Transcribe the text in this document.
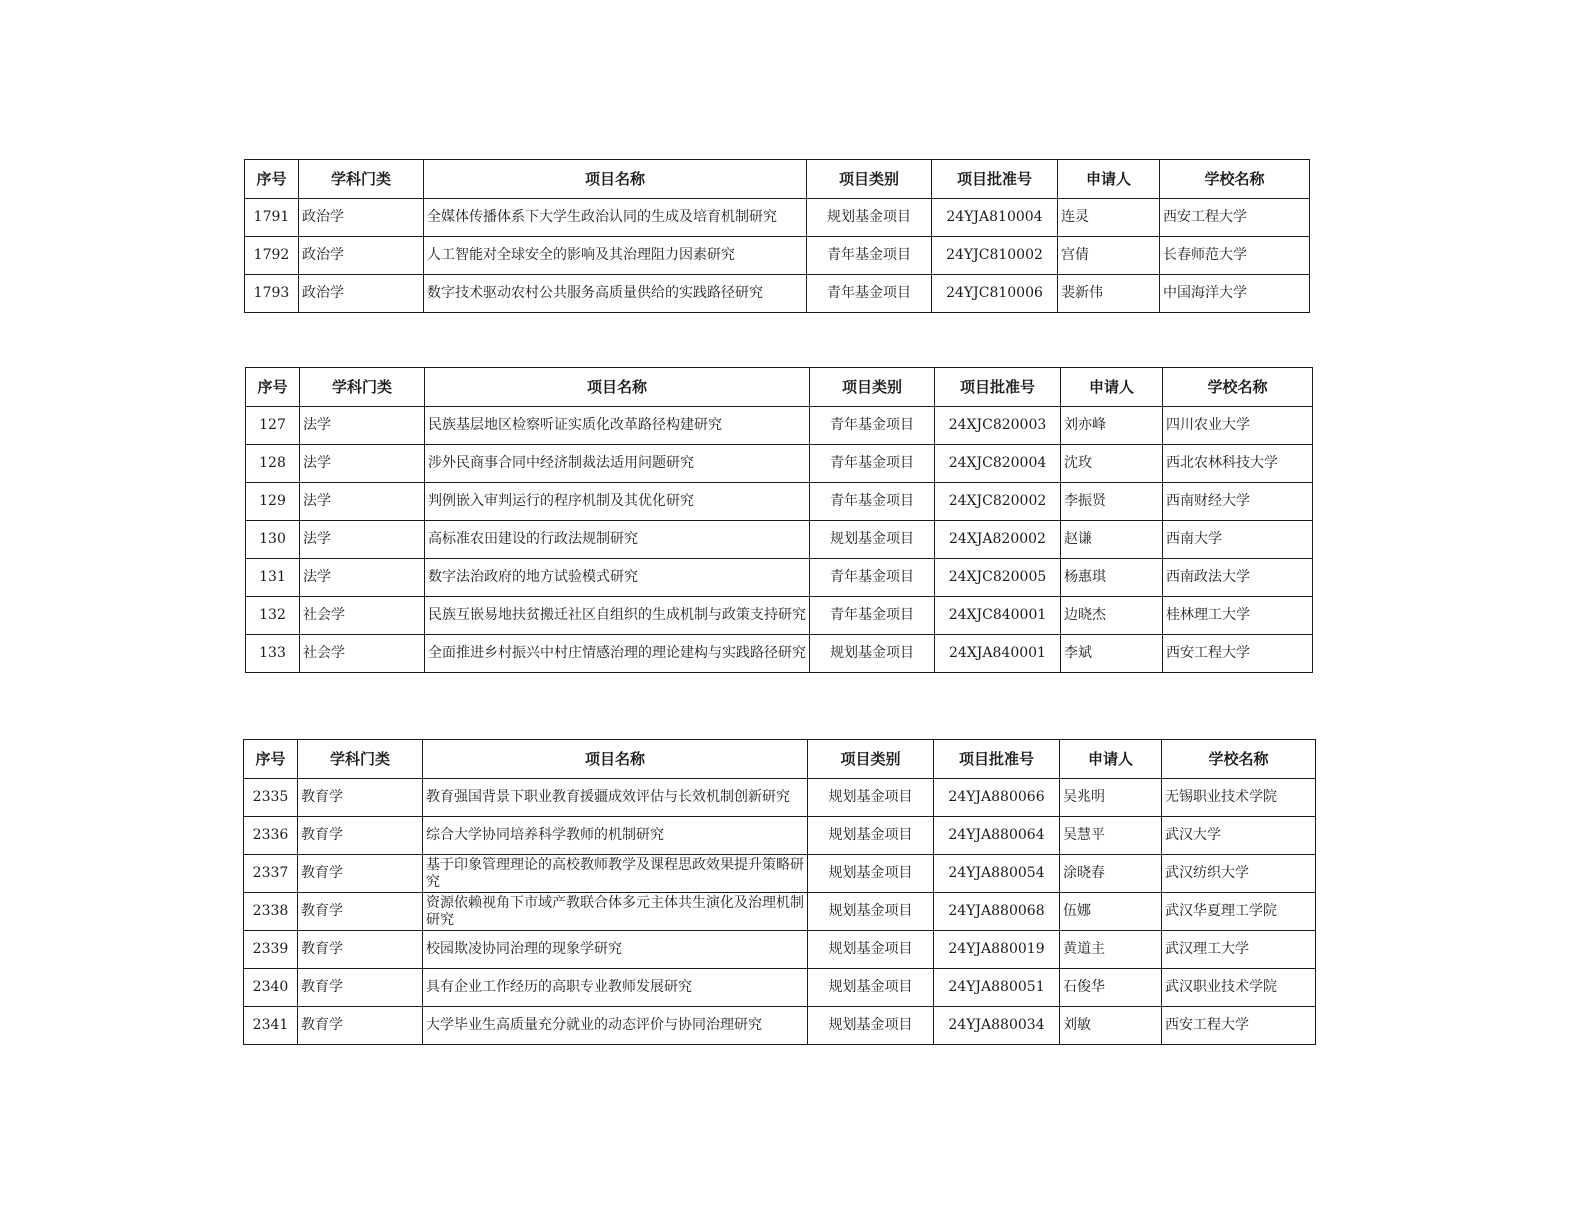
序号	学科门类	项目名称	项目类别	项目批准号	申请人	学校名称
1791	政治学	全媒体传播体系下大学生政治认同的生成及培育机制研究	规划基金项目	24YJA810004	连灵	西安工程大学
1792	政治学	人工智能对全球安全的影响及其治理阻力因素研究	青年基金项目	24YJC810002	宫倩	长春师范大学
1793	政治学	数字技术驱动农村公共服务高质量供给的实践路径研究	青年基金项目	24YJC810006	裴新伟	中国海洋大学
序号	学科门类	项目名称	项目类别	项目批准号	申请人	学校名称
127	法学	民族基层地区检察听证实质化改革路径构建研究	青年基金项目	24XJC820003	刘亦峰	四川农业大学
128	法学	涉外民商事合同中经济制裁法适用问题研究	青年基金项目	24XJC820004	沈玫	西北农林科技大学
129	法学	判例嵌入审判运行的程序机制及其优化研究	青年基金项目	24XJC820002	李振贤	西南财经大学
130	法学	高标准农田建设的行政法规制研究	规划基金项目	24XJA820002	赵谦	西南大学
131	法学	数字法治政府的地方试验模式研究	青年基金项目	24XJC820005	杨惠琪	西南政法大学
132	社会学	民族互嵌易地扶贫搬迁社区自组织的生成机制与政策支持研究	青年基金项目	24XJC840001	边晓杰	桂林理工大学
133	社会学	全面推进乡村振兴中村庄情感治理的理论建构与实践路径研究	规划基金项目	24XJA840001	李斌	西安工程大学
序号	学科门类	项目名称	项目类别	项目批准号	申请人	学校名称
2335	教育学	教育强国背景下职业教育援疆成效评估与长效机制创新研究	规划基金项目	24YJA880066	吴兆明	无锡职业技术学院
2336	教育学	综合大学协同培养科学教师的机制研究	规划基金项目	24YJA880064	吴慧平	武汉大学
2337	教育学	基于印象管理理论的高校教师教学及课程思政效果提升策略研究	规划基金项目	24YJA880054	涂晓春	武汉纺织大学
2338	教育学	资源依赖视角下市域产教联合体多元主体共生演化及治理机制研究	规划基金项目	24YJA880068	伍娜	武汉华夏理工学院
2339	教育学	校园欺凌协同治理的现象学研究	规划基金项目	24YJA880019	黄道主	武汉理工大学
2340	教育学	具有企业工作经历的高职专业教师发展研究	规划基金项目	24YJA880051	石俊华	武汉职业技术学院
2341	教育学	大学毕业生高质量充分就业的动态评价与协同治理研究	规划基金项目	24YJA880034	刘敏	西安工程大学
